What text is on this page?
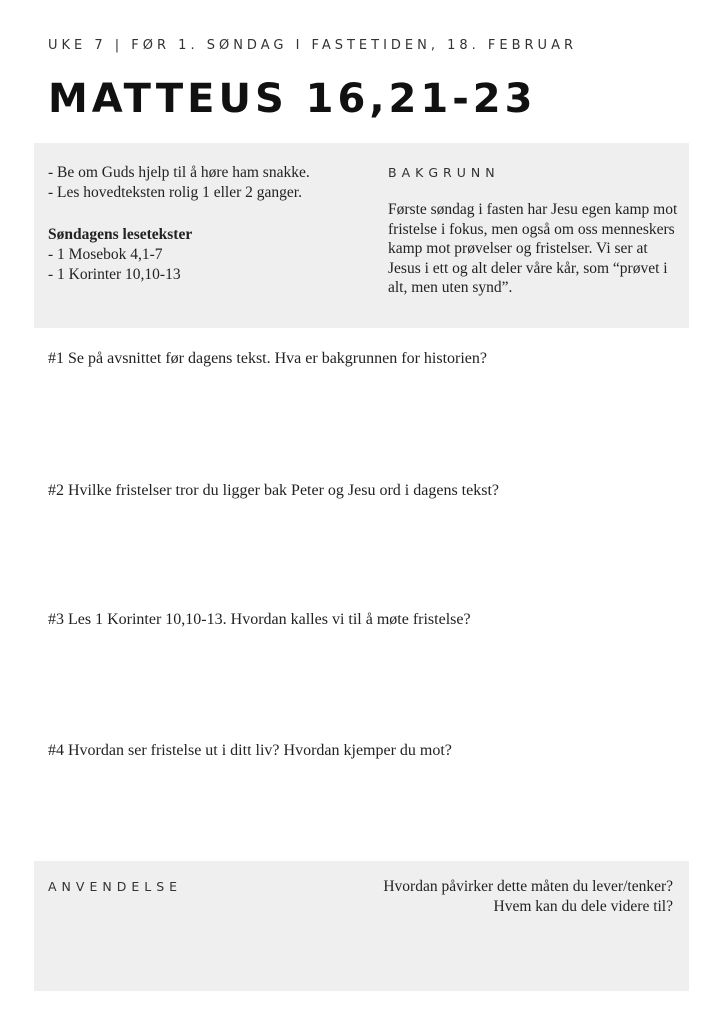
UKE 7 | FØR 1. SØNDAG I FASTETIDEN, 18. FEBRUAR
MATTEUS 16,21-23

- Be om Guds hjelp til å høre ham snakke.

- Les hovedteksten rolig 1 eller 2 ganger.

Søndagens lesetekster

- 1 Mosebok 4,1-7

- 1 Korinter 10,10-13

BAKGRUNN
Første søndag i fasten har Jesu egen kamp mot fristelse i fokus, men også om oss menneskers kamp mot prøvelser og fristelser. Vi ser at Jesus i ett og alt deler våre kår, som “prøvet i alt, men uten synd”.

#1 Se på avsnittet før dagens tekst. Hva er bakgrunnen for historien?

#2 Hvilke fristelser tror du ligger bak Peter og Jesu ord i dagens tekst?

#3 Les 1 Korinter 10,10-13. Hvordan kalles vi til å møte fristelse?

#4 Hvordan ser fristelse ut i ditt liv? Hvordan kjemper du mot?

ANVENDELSE	Hvordan påvirker dette måten du lever/tenker?

Hvem kan du dele videre til?
